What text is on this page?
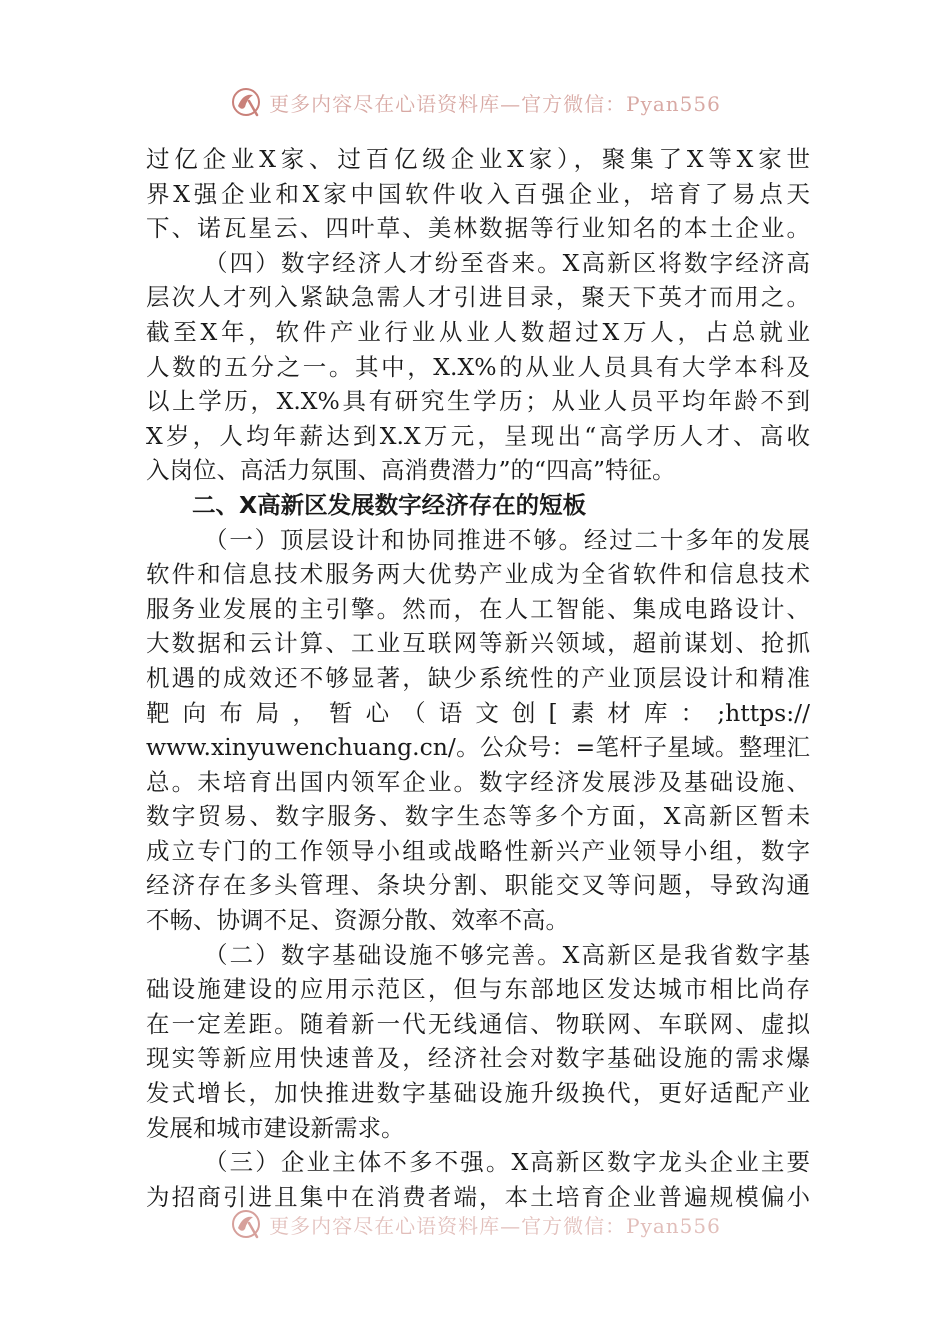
更多内容尽在心语资料库—官方微信：Pyan556
过亿企业X家、过百亿级企业X家），聚集了X等X家世
界X强企业和X家中国软件收入百强企业，培育了易点天
下、诺瓦星云、四叶草、美林数据等行业知名的本土企业。
（四）数字经济人才纷至沓来。X高新区将数字经济高
层次人才列入紧缺急需人才引进目录，聚天下英才而用之。
截至X年，软件产业行业从业人数超过X万人，占总就业
人数的五分之一。其中，X.X%的从业人员具有大学本科及
以上学历，X.X%具有研究生学历；从业人员平均年龄不到
X岁，人均年薪达到X.X万元，呈现出“高学历人才、高收
入岗位、高活力氛围、高消费潜力”的“四高”特征。
二、X高新区发展数字经济存在的短板
（一）顶层设计和协同推进不够。经过二十多年的发展
软件和信息技术服务两大优势产业成为全省软件和信息技术
服务业发展的主引擎。然而，在人工智能、集成电路设计、
大数据和云计算、工业互联网等新兴领域，超前谋划、抢抓
机遇的成效还不够显著，缺少系统性的产业顶层设计和精准
靶向布局，暂心（语文创[素材库：;https://
www.xinyuwenchuang.cn/。公众号：=笔杆子星域。整理汇
总。未培育出国内领军企业。数字经济发展涉及基础设施、
数字贸易、数字服务、数字生态等多个方面，X高新区暂未
成立专门的工作领导小组或战略性新兴产业领导小组，数字
经济存在多头管理、条块分割、职能交叉等问题，导致沟通
不畅、协调不足、资源分散、效率不高。
（二）数字基础设施不够完善。X高新区是我省数字基
础设施建设的应用示范区，但与东部地区发达城市相比尚存
在一定差距。随着新一代无线通信、物联网、车联网、虚拟
现实等新应用快速普及，经济社会对数字基础设施的需求爆
发式增长，加快推进数字基础设施升级换代，更好适配产业
发展和城市建设新需求。
（三）企业主体不多不强。X高新区数字龙头企业主要
为招商引进且集中在消费者端，本土培育企业普遍规模偏小
更多内容尽在心语资料库—官方微信：Pyan556
